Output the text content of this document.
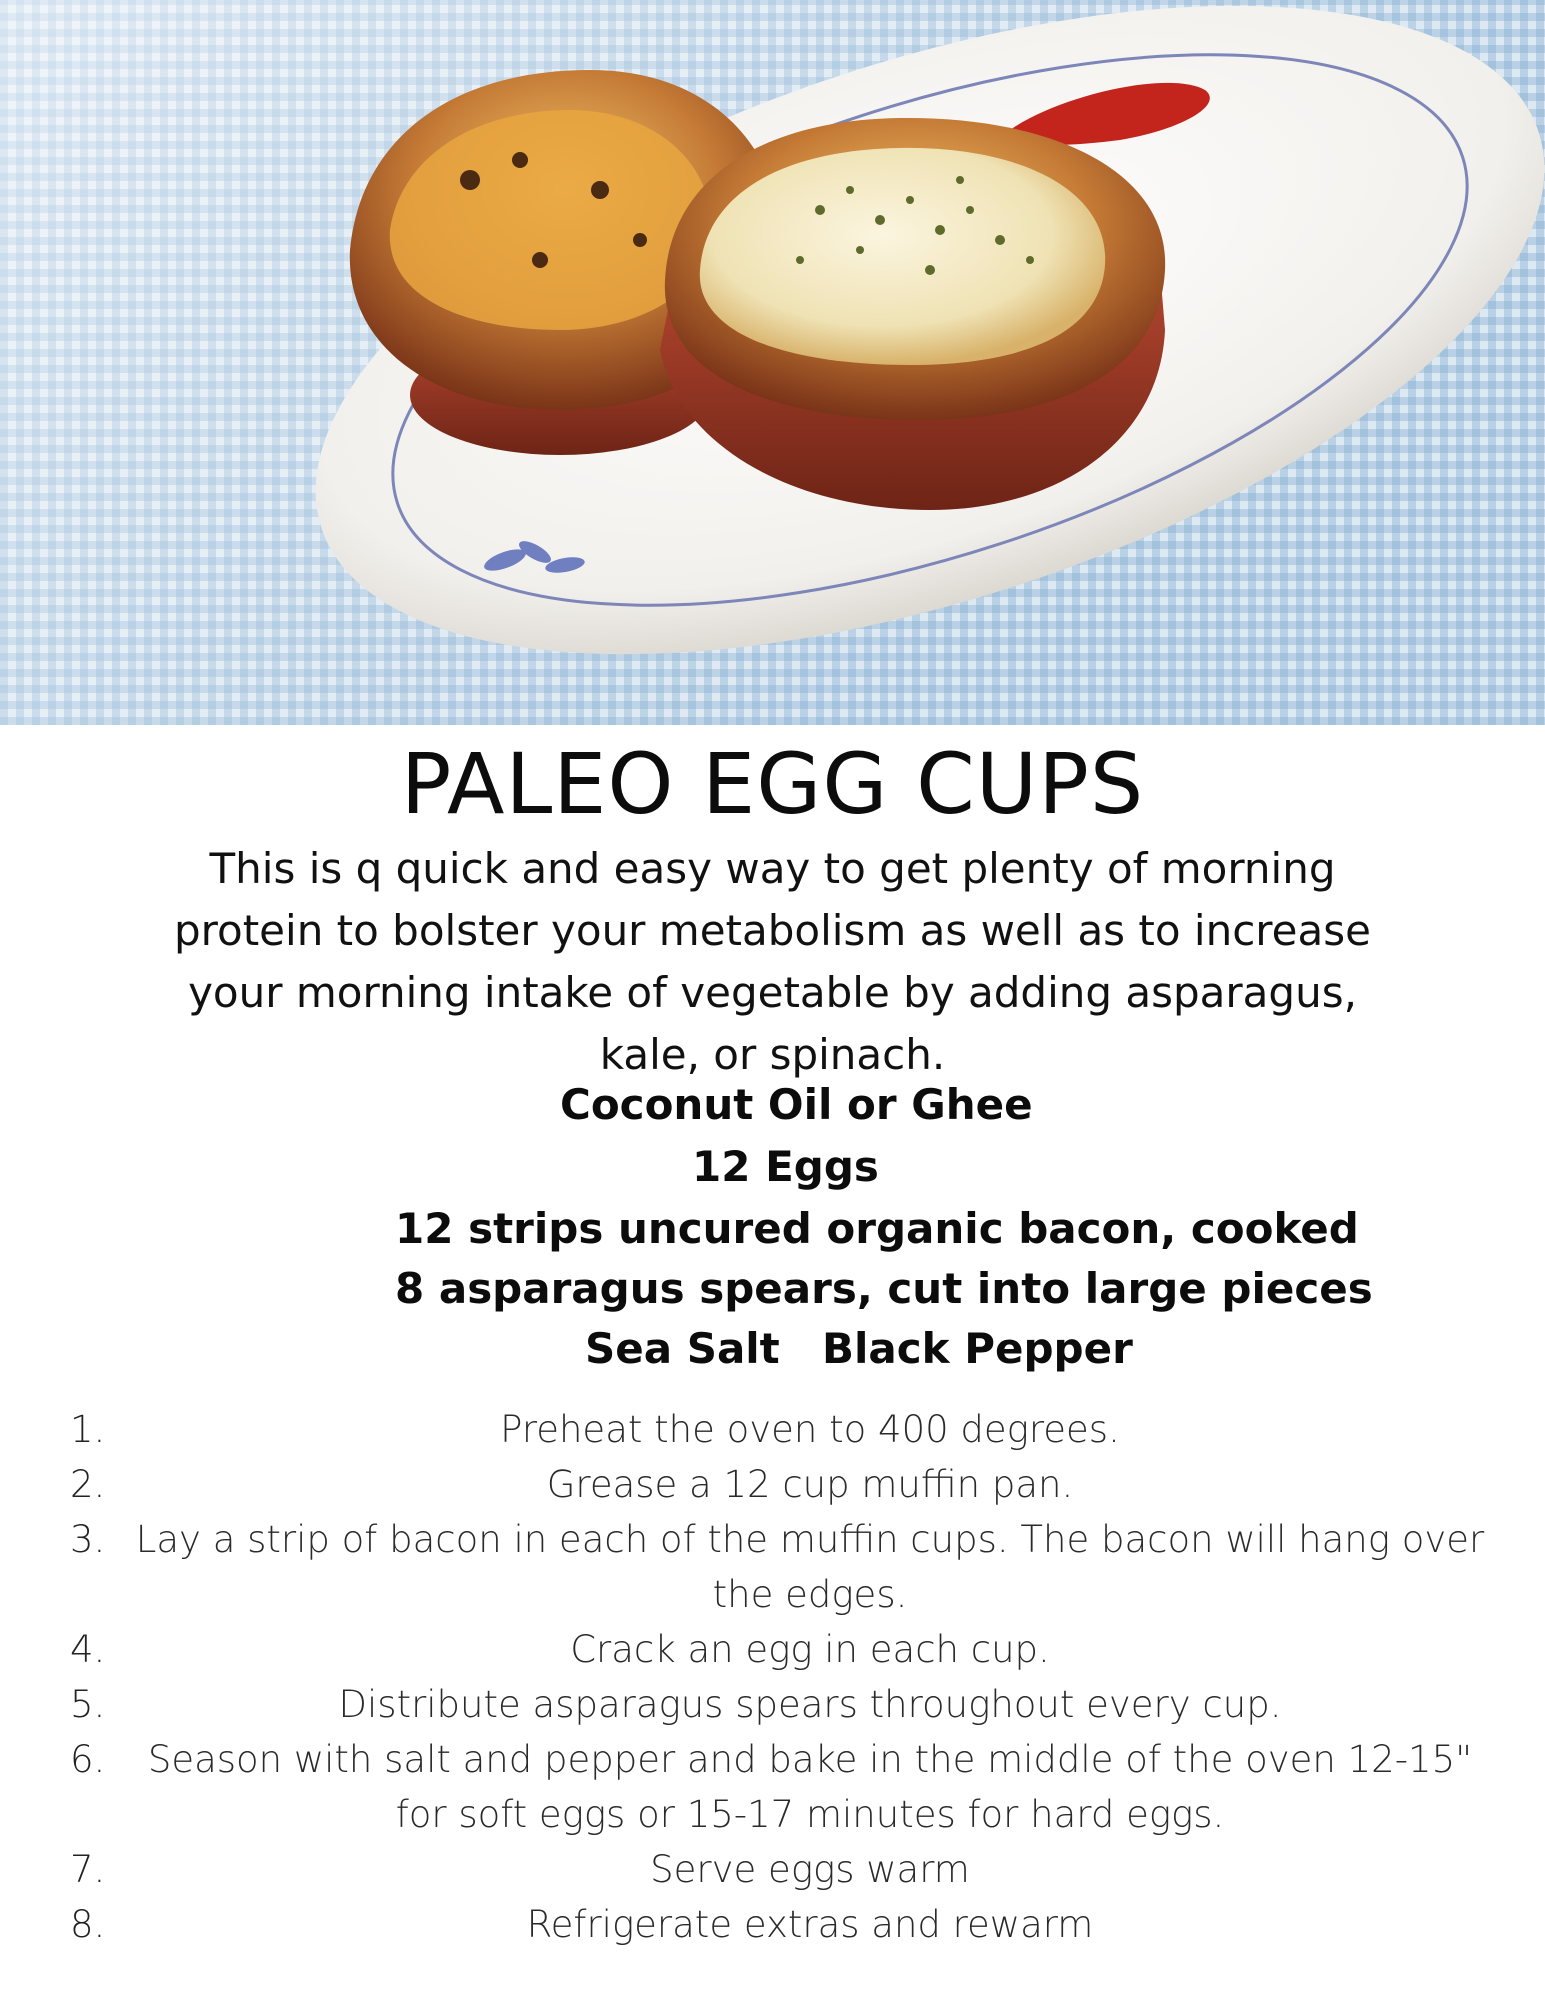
PALEO EGG CUPS

This is q quick and easy way to get plenty of morning protein to bolster your metabolism as well as to increase your morning intake of vegetable by adding asparagus, kale, or spinach.

Coconut Oil or Ghee
12 Eggs
12 strips uncured organic bacon, cooked
8 asparagus spears, cut into large pieces
Sea Salt Black Pepper
1.	Preheat the oven to 400 degrees.
2.	Grease a 12 cup muffin pan.
3. Lay a strip of bacon in each of the muffin cups. The bacon will hang over the edges.
4.	Crack an egg in each cup.
5.	Distribute asparagus spears throughout every cup.
6.	Season with salt and pepper and bake in the middle of the oven 12-15" for soft eggs or 15-17 minutes for hard eggs.
7.	Serve eggs warm
8.	Refrigerate extras and rewarm
